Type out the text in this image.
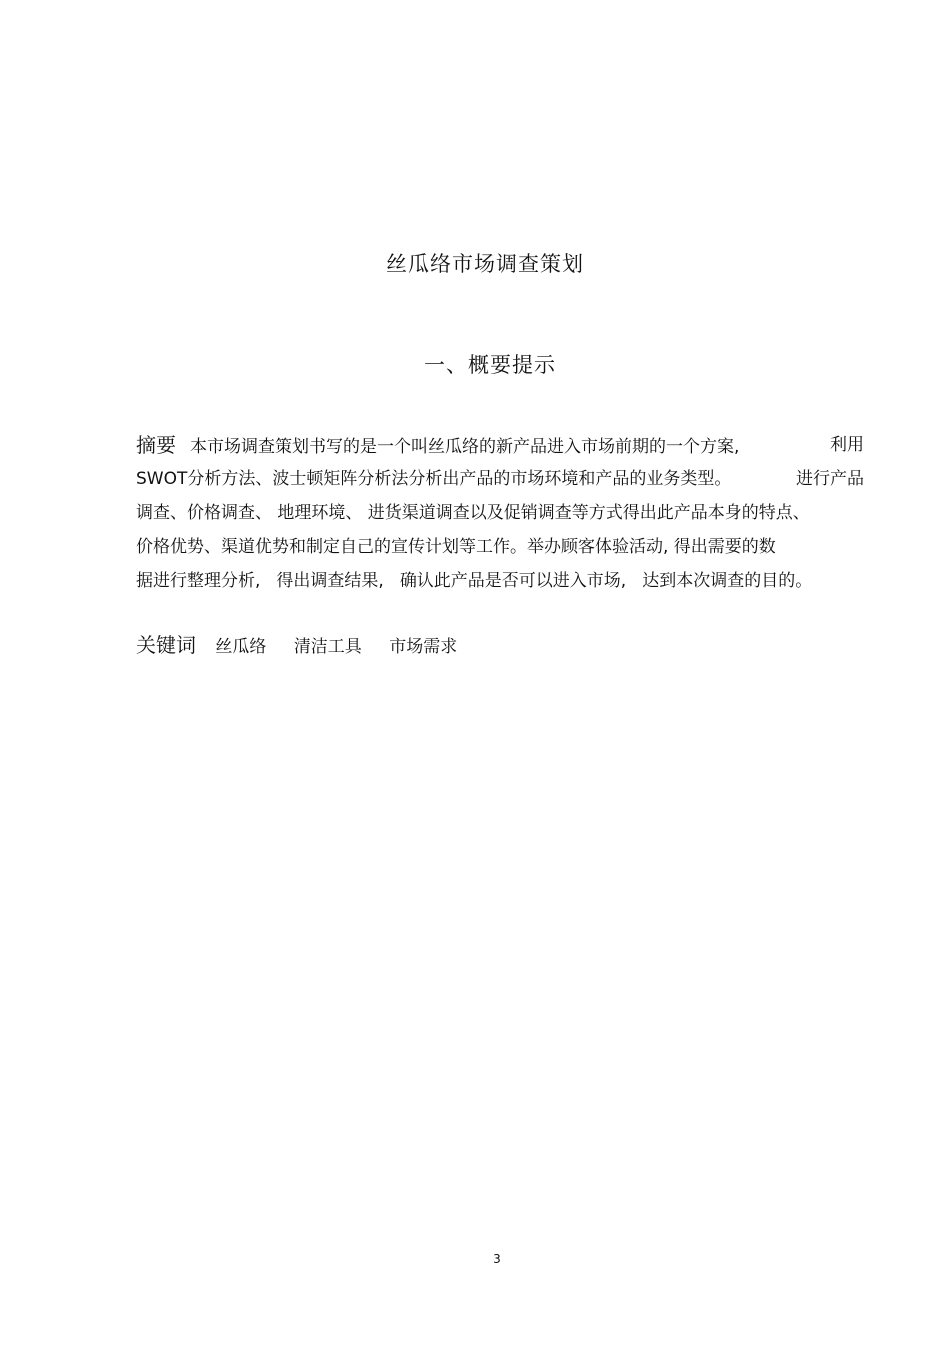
丝瓜络市场调查策划
一、概要提示
摘要 本市场调查策划书写的是一个叫丝瓜络的新产品进入市场前期的一个方案,	利用
SWOT分析方法、波士顿矩阵分析法分析出产品的市场环境和产品的业务类型。	进行产品
调查、价格调查、 地理环境、 进货渠道调查以及促销调查等方式得出此产品本身的特点、
价格优势、渠道优势和制定自己的宣传计划等工作。举办顾客体验活动, 得出需要的数
据进行整理分析, 得出调查结果, 确认此产品是否可以进入市场, 达到本次调查的目的。
关键词 丝瓜络 清洁工具 市场需求
3
